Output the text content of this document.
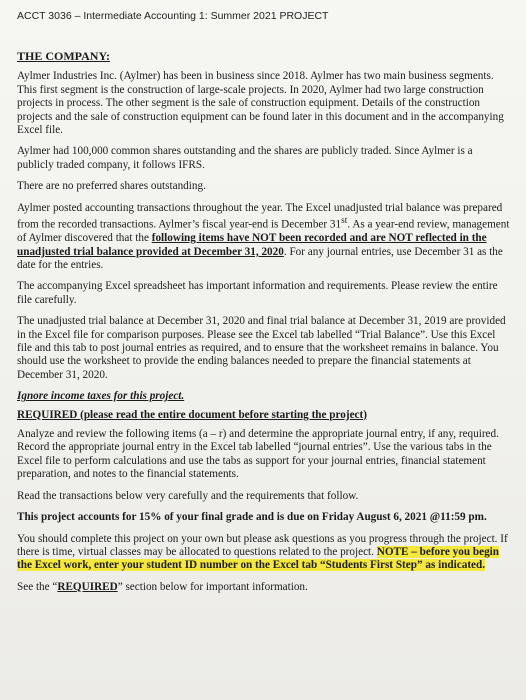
ACCT 3036 – Intermediate Accounting 1: Summer 2021 PROJECT
THE COMPANY:

Aylmer Industries Inc. (Aylmer) has been in business since 2018. Aylmer has two main business segments. This first segment is the construction of large-scale projects. In 2020, Aylmer had two large construction projects in process. The other segment is the sale of construction equipment. Details of the construction projects and the sale of construction equipment can be found later in this document and in the accompanying Excel file.

Aylmer had 100,000 common shares outstanding and the shares are publicly traded. Since Aylmer is a publicly traded company, it follows IFRS.

There are no preferred shares outstanding.

Aylmer posted accounting transactions throughout the year. The Excel unadjusted trial balance was prepared from the recorded transactions. Aylmer’s fiscal year-end is December 31st. As a year-end review, management of Aylmer discovered that the following items have NOT been recorded and are NOT reflected in the unadjusted trial balance provided at December 31, 2020. For any journal entries, use December 31 as the date for the entries.

The accompanying Excel spreadsheet has important information and requirements. Please review the entire file carefully.

The unadjusted trial balance at December 31, 2020 and final trial balance at December 31, 2019 are provided in the Excel file for comparison purposes. Please see the Excel tab labelled “Trial Balance”. Use this Excel file and this tab to post journal entries as required, and to ensure that the worksheet remains in balance. You should use the worksheet to provide the ending balances needed to prepare the financial statements at December 31, 2020.

Ignore income taxes for this project.
REQUIRED (please read the entire document before starting the project)

Analyze and review the following items (a – r) and determine the appropriate journal entry, if any, required. Record the appropriate journal entry in the Excel tab labelled “journal entries”. Use the various tabs in the Excel file to perform calculations and use the tabs as support for your journal entries, financial statement preparation, and notes to the financial statements.

Read the transactions below very carefully and the requirements that follow.

This project accounts for 15% of your final grade and is due on Friday August 6, 2021 @11:59 pm.

You should complete this project on your own but please ask questions as you progress through the project. If there is time, virtual classes may be allocated to questions related to the project. NOTE – before you begin the Excel work, enter your student ID number on the Excel tab “Students First Step” as indicated.

See the “REQUIRED” section below for important information.
